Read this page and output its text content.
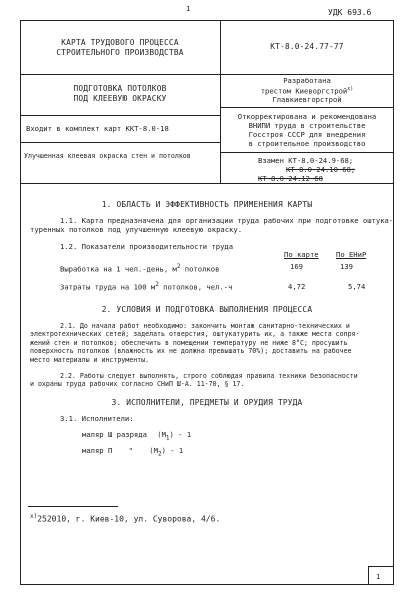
1	УДК 693.6
КАРТА ТРУДОВОГО ПРОЦЕССА
СТРОИТЕЛЬНОГО ПРОИЗВОДСТВА
ПОДГОТОВКА ПОТОЛКОВ
ПОД КЛЕЕВУЮ ОКРАСКУ
Входит в комплект карт ККТ-8.0-18
Улучшенная клеевая окраска стен и потолков
КТ-8.0-24.77-77
Разработана
трестом Киеворгстрой$^{x)}$
Главкиевгорстрой
Откорректирована и рекомендована
ВНИПИ труда в строительстве
Госстроя СССР для внедрения
в строительное производство
Взамен КТ-8.0-24.9-68;
КТ-8.0-24.10-68;
КТ-8.0-24.12-68
1. ОБЛАСТЬ И ЭФФЕКТИВНОСТЬ ПРИМЕНЕНИЯ КАРТЫ
1.1. Карта предназначена для организации труда рабочих при подготовке оштука-
туренных потолков под улучшенную клеевую окраску.
1.2. Показатели производительности труда
По карте По ЕНиР
Выработка на 1 чел.-день, $м^2$ потолков	169	139
Затраты труда на 100 $м^2$ потолков, чел.-ч	4,72	5,74
2. УСЛОВИЯ И ПОДГОТОВКА ВЫПОЛНЕНИЯ ПРОЦЕССА
2.1. До начала работ необходимо: закончить монтаж санитарно-технических и
электротехнических сетей; заделать отверстия, оштукатурить их, а также места сопря-
жений стен и потолков; обеспечить в помещении температуру не ниже 8°С; просушить
поверхность потолков (влажность их не должна превышать 70%); доставить на рабочее
место материалы и инструменты.
2.2. Работы следует выполнять, строго соблюдая правила техники безопасности
и охраны труда рабочих согласно СНиП Ш-А. 11-70, § 17.
3. ИСПОЛНИТЕЛИ, ПРЕДМЕТЫ И ОРУДИЯ ТРУДА
3.1. Исполнители:
маляр Ш разряда $(М_1) - 1$
маляр П " $(М_2) - 1$
$^{x)}$252010, г. Киев-10, ул. Суворова, 4/6.
1
